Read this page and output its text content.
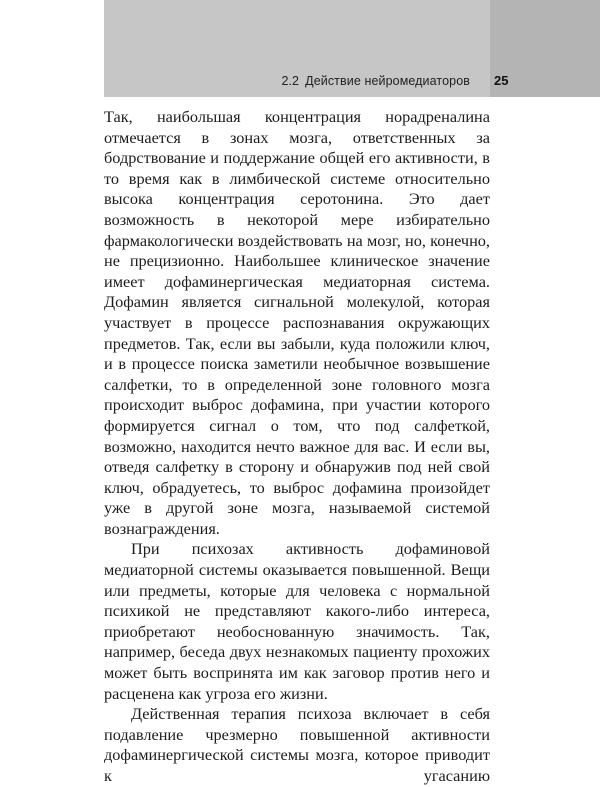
2.2 Действие нейромедиаторов 25

Так, наибольшая концентрация норадреналина отмечается в зонах мозга, ответственных за бодрствование и поддержание общей его активности, в то время как в лимбической системе относительно высока концентрация серотонина. Это дает возможность в некоторой мере избирательно фармакологически воздействовать на мозг, но, конечно, не прецизионно. Наибольшее клиническое значение имеет дофаминергическая медиаторная система. Дофамин является сигнальной молекулой, которая участвует в процессе распознавания окружающих предметов. Так, если вы забыли, куда положили ключ, и в процессе поиска заметили необычное возвышение салфетки, то в определенной зоне головного мозга происходит выброс дофамина, при участии которого формируется сигнал о том, что под салфеткой, возможно, находится нечто важное для вас. И если вы, отведя салфетку в сторону и обнаружив под ней свой ключ, обрадуетесь, то выброс дофамина произойдет уже в другой зоне мозга, называемой системой вознаграждения.

При психозах активность дофаминовой медиаторной системы оказывается повышенной. Вещи или предметы, которые для человека с нормальной психикой не представляют какого-либо интереса, приобретают необоснованную значимость. Так, например, беседа двух незнакомых пациенту прохожих может быть воспринята им как заговор против него и расценена как угроза его жизни.

Действенная терапия психоза включает в себя подавление чрезмерно повышенной активности дофаминергической системы мозга, которое приводит к угасанию
